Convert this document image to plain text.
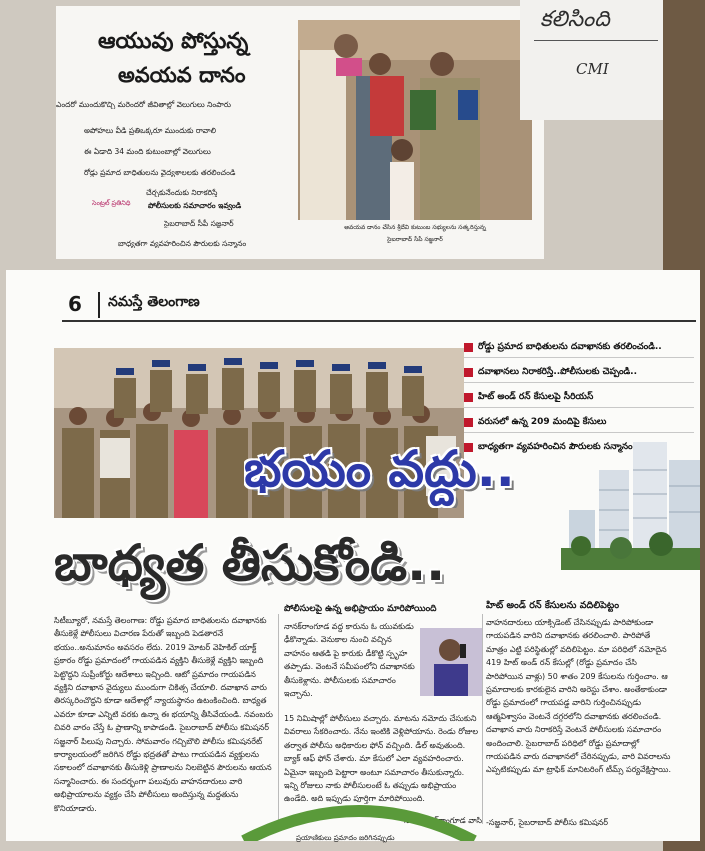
ఆయువు పోస్తున్న
అవయవ దానం
ఎందరో ముందుకొచ్చి మరెందరో జీవితాల్లో వెలుగులు నింపారు
అపోహలు వీడి ప్రతిఒక్కరూ ముందుకు రావాలి
ఈ ఏడాది 34 మంది కుటుంబాల్లో వెలుగులు
రోడ్డు ప్రమాద బాధితులను వైద్యశాలలకు తరలించండి
చేర్చకునేందుకు నిరాకరిస్తే
సెంట్రల్ ప్రతినిధి	పోలీసులకు సమాచారం ఇవ్వండి
సైబరాబాద్ సీపీ సజ్జనార్
బాధ్యతగా వ్యవహరించిన పౌరులకు సన్మానం
అవయవ దానం చేసిన శ్రీదేవి కుటుంబ సభ్యులను సత్కరిస్తున్న
సైబరాబాద్ సీపీ సజ్జనార్
కలిసింది
CMI
6	నమస్తే తెలంగాణ
రోడ్డు ప్రమాద బాధితులను దవాఖానకు తరలించండి..
దవాఖానలు నిరాకరిస్తే..పోలీసులకు చెప్పండి..
హిట్ అండ్ రన్ కేసులపై సీరియస్
వరుసలో ఉన్న 209 మందిపై కేసులు
బాధ్యతగా వ్యవహరించిన పౌరులకు సన్మానం
భయం వద్దు..
బాధ్యత తీసుకోండి..
సిటీబ్యూరో, నమస్తే తెలంగాణ: రోడ్డు ప్రమాద బాధితులను దవాఖానకు తీసుకెళ్లే పోలీసులు విచారణ పేరుతో ఇబ్బంది పెడతారనే భయం..అనుమానం అవసరం లేదు. 2019 మోటర్ వెహికిల్ యాక్ట్ ప్రకారం రోడ్డు ప్రమాదంలో గాయపడిన వ్యక్తిని తీసుకెళ్లే వ్యక్తిని ఇబ్బంది పెట్టొద్దని సుప్రీంకోర్టు ఆదేశాలు ఇచ్చింది. ఆటో ప్రమాదం గాయపడిన వ్యక్తిని దవాఖాన వైద్యులు ముందుగా చికిత్స చేయాలి. దవాఖాన వారు తిరస్కరించొద్దని కూడా ఆదేశాల్లో న్యాయస్థానం ఉటంకించింది. బాధ్యత ఎవరూ కూడా ఎన్నిటి వరకు ఉన్నా ఈ భయాన్ని తీసివేయండి. నవంబరు చివరి వారం చేస్తే ఓ ప్రాణాన్ని కాపాడండి. సైబరాబాద్ పోలీసు కమిషనర్ సజ్జనార్ పిలుపు నిచ్చారు. సోమవారం గచ్చిబౌలి పోలీసు కమిషనరేట్ కార్యాలయంలో జరిగిన రోడ్డు భద్రతతో పాటు గాయపడిన వ్యక్తులను సకాలంలో దవాఖానకు తీసుకెళ్లి ప్రాణాలను నిలబెట్టిన పౌరులను ఆయన సన్మానించారు. ఈ సందర్భంగా పలువురు వాహనదారులు వారి అభిప్రాయాలను వ్యక్తం చేసి పోలీసులు అందిస్తున్న మద్దతును కొనియాడారు.
పోలీసులపై ఉన్న అభిప్రాయం మారిపోయింది
నానక్‌రాంగూడ వద్ద కారును ఓ యువకుడు ఢీకొన్నాడు. వెనుకాల నుంచి వచ్చిన వాహనం ఆతడి పై కారుకు డీకొట్టి స్పృహ తప్పాడు. వెంటనే సమీపంలోని దవాఖానకు తీసుకెళ్లాను. పోలీసులకు సమాచారం ఇచ్చాను.
15 నిమిషాల్లో పోలీసులు వచ్చారు. మాటను నమోదు చేసుకుని వివరాలు సేకరించారు. నేను ఇంటికి వెళ్లిపోయాను. రెండు రోజుల తర్వాత పోలీసు అధికారుల ఫోన్ వచ్చింది. డీల్ అవుతుంది. బ్యాక్ ఆఫ్ ఫోన్ చేశారు. మా కేసులో ఎలా వ్యవహరించారు. ఏమైనా ఇబ్బంది పెట్టారా అంటూ సమాచారం తీసుకున్నారు. ఇన్ని రోజులు నాకు పోలీసులంటే ఓ తప్పుడు అభిప్రాయం ఉండేది. అది ఇప్పుడు పూర్తిగా మారిపోయింది.
-నీల్, నానక్‌రాంగూడ వాసి
ప్రయాణికులు ప్రమాదం జరిగినప్పుడు
హిట్ అండ్ రన్ కేసులను వదిలిపెట్టం
వాహనదారులు యాక్సిడెంట్ చేసినప్పుడు పారిపోకుండా గాయపడిన వారిని దవాఖానకు తరలించాలి. పారిపోతే మాత్రం ఎట్టి పరిస్థితుల్లో వదిలిపెట్టం. మా పరిధిలో నమోదైన 419 హిట్ అండ్ రన్ కేసుల్లో (రోడ్డు ప్రమాదం చేసి పారిపోయిన వాళ్లు) 50 శాతం 209 కేసులను గుర్తించాం. ఆ ప్రమాదాలకు కారకులైన వారిని అరెస్టు చేశాం. అంతేకాకుండా రోడ్డు ప్రమాదంలో గాయపడ్డ వారిని గుర్తించినప్పుడు ఆత్మవిశ్వాసం వెంటనే దగ్గరలోని దవాఖానకు తరలించండి. దవాఖాన వారు నిరాకరిస్తే వెంటనే పోలీసులకు సమాచారం అందించాలి. సైబరాబాద్ పరిధిలో రోడ్డు ప్రమాదాల్లో గాయపడిన వారు దవాఖానలో చేరినప్పుడు, వారి వివరాలను ఎప్పటికప్పుడు మా ట్రాఫిక్ మానిటరింగ్ టీమ్స్ పర్యవేక్షిస్తాయి.
-సజ్జనార్, సైబరాబాద్ పోలీసు కమిషనర్
